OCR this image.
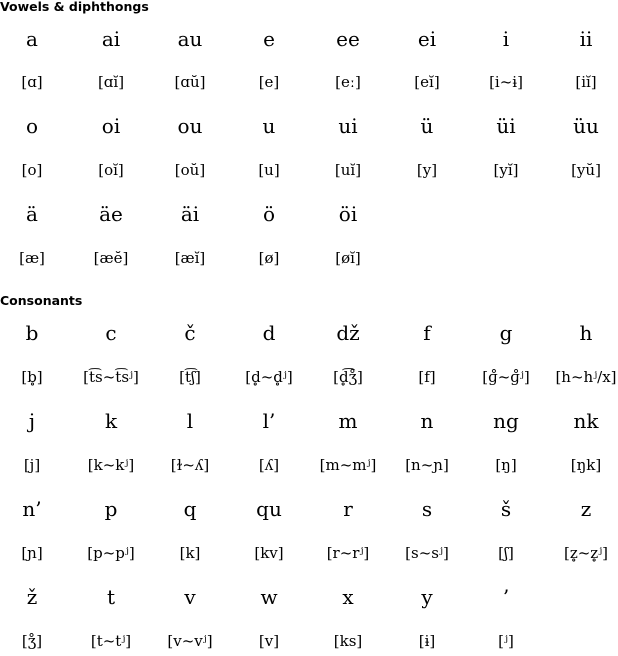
Vowels & diphthongs
a	ai	au	e	ee	ei	i	ii
[ɑ]	[ɑĭ]	[ɑŭ]	[e]	[eː]	[eĭ]	[i~ɨ]	[iĭ]
o	oi	ou	u	ui	ü	üi	üu
[o]	[oĭ]	[oŭ]	[u]	[uĭ]	[y]	[yĭ]	[yŭ]
ä	äe	äi	ö	öi
[æ]	[æĕ]	[æĭ]	[ø]	[øĭ]
Consonants
b	c	č	d	dž	f	g	h
[b̥]	[t͡s~t͡sʲ]	[t͡ʃ]	[d̥~d̥ʲ]	[d̥͡ʒ̊]	[f]	[ɡ̊~ɡ̊ʲ]	[h~hʲ/x]
j	k	l	l’	m	n	ng	nk
[j]	[k~kʲ]	[ɫ~ʎ]	[ʎ]	[m~mʲ]	[n~ɲ]	[ŋ]	[ŋk]
n’	p	q	qu	r	s	š	z
[ɲ]	[p~pʲ]	[k]	[kv]	[r~rʲ]	[s~sʲ]	[ʃ]	[z̥~z̥ʲ]
ž	t	v	w	x	y	’
[ʒ̊]	[t~tʲ]	[v~vʲ]	[v]	[ks]	[ɨ]	[ʲ]
